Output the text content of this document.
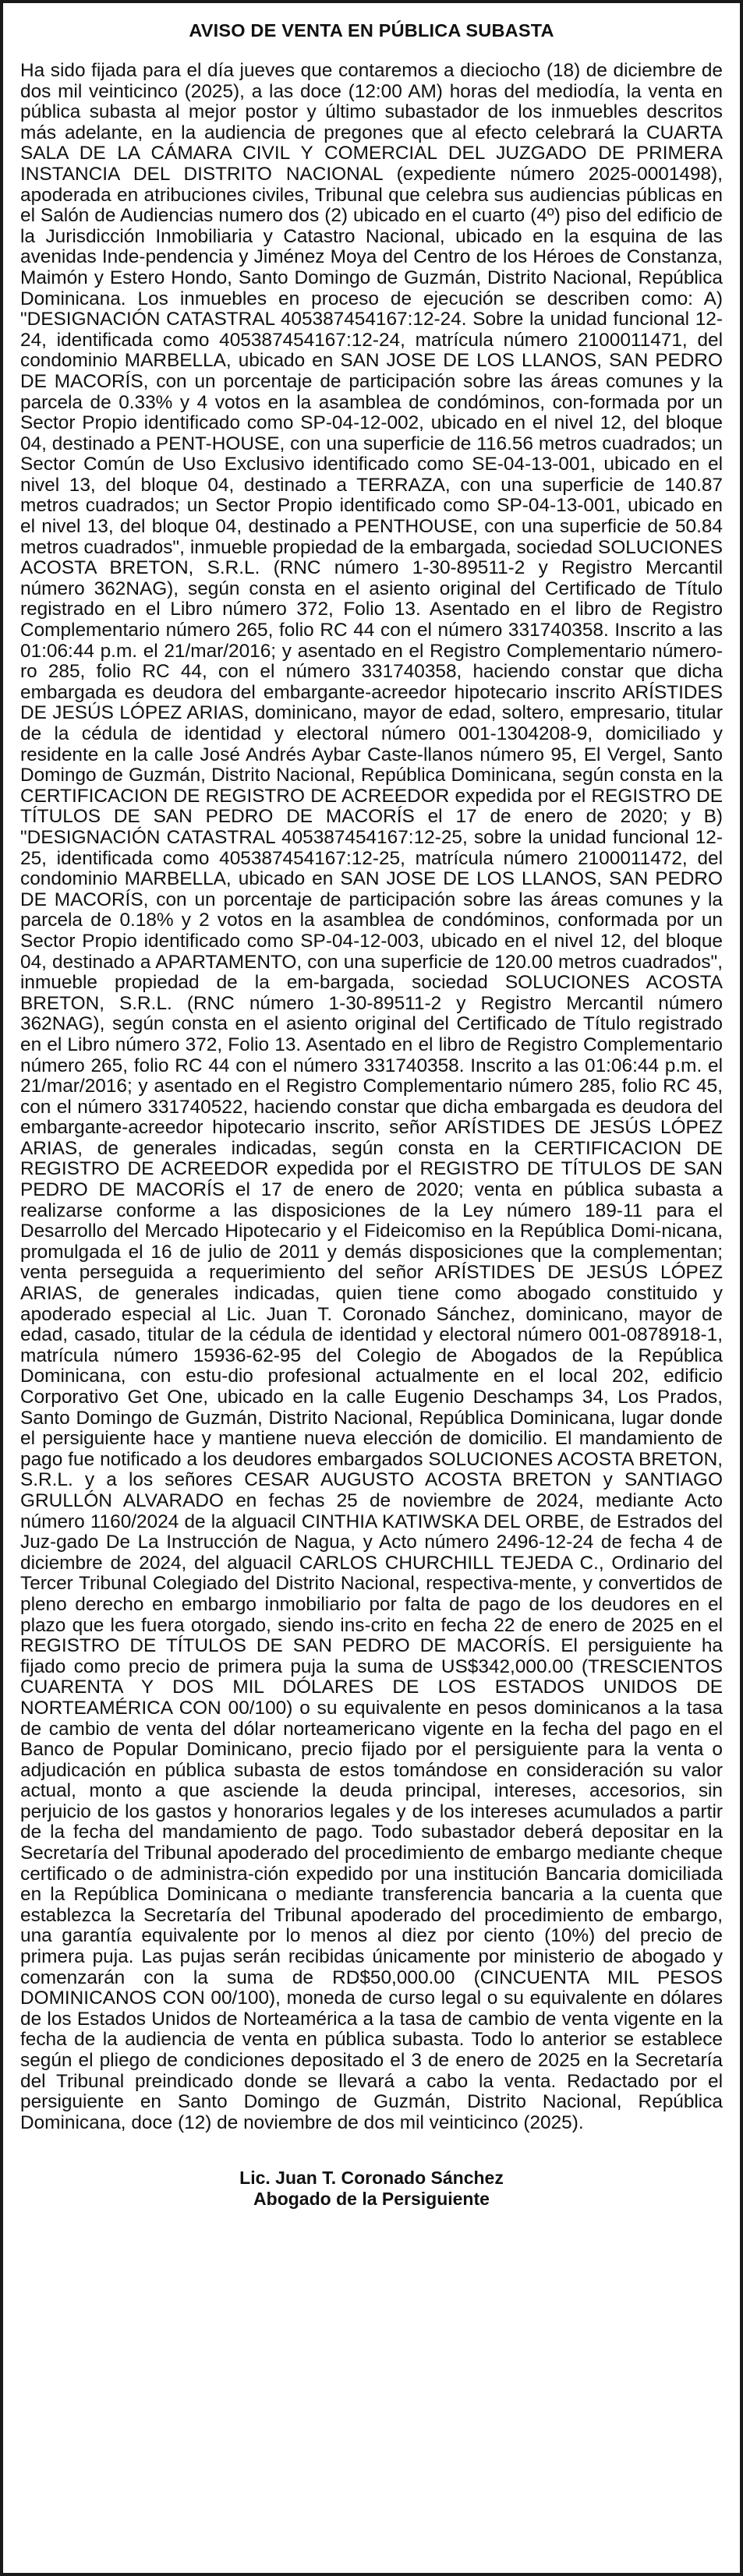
AVISO DE VENTA EN PÚBLICA SUBASTA

Ha sido fijada para el día jueves que contaremos a dieciocho (18) de diciembre de dos mil veinticinco (2025), a las doce (12:00 AM) horas del mediodía, la venta en pública subasta al mejor postor y último subastador de los inmuebles descritos más adelante, en la audiencia de pregones que al efecto celebrará la CUARTA SALA DE LA CÁMARA CIVIL Y COMERCIAL DEL JUZGADO DE PRIMERA INSTANCIA DEL DISTRITO NACIONAL (expediente número 2025-0001498), apoderada en atribuciones civiles, Tribunal que celebra sus audiencias públicas en el Salón de Audiencias numero dos (2) ubicado en el cuarto (4º) piso del edificio de la Jurisdicción Inmobiliaria y Catastro Nacional, ubicado en la esquina de las avenidas Inde-pendencia y Jiménez Moya del Centro de los Héroes de Constanza, Maimón y Estero Hondo, Santo Domingo de Guzmán, Distrito Nacional, República Dominicana. Los inmuebles en proceso de ejecución se describen como: A) "DESIGNACIÓN CATASTRAL 405387454167:12-24. Sobre la unidad funcional 12-24, identificada como 405387454167:12-24, matrícula número 2100011471, del condominio MARBELLA, ubicado en SAN JOSE DE LOS LLANOS, SAN PEDRO DE MACORÍS, con un porcentaje de participación sobre las áreas comunes y la parcela de 0.33% y 4 votos en la asamblea de condóminos, con-formada por un Sector Propio identificado como SP-04-12-002, ubicado en el nivel 12, del bloque 04, destinado a PENT-HOUSE, con una superficie de 116.56 metros cuadrados; un Sector Común de Uso Exclusivo identificado como SE-04-13-001, ubicado en el nivel 13, del bloque 04, destinado a TERRAZA, con una superficie de 140.87 metros cuadrados; un Sector Propio identificado como SP-04-13-001, ubicado en el nivel 13, del bloque 04, destinado a PENTHOUSE, con una superficie de 50.84 metros cuadrados", inmueble propiedad de la embargada, sociedad SOLUCIONES ACOSTA BRETON, S.R.L. (RNC número 1-30-89511-2 y Registro Mercantil número 362NAG), según consta en el asiento original del Certificado de Título registrado en el Libro número 372, Folio 13. Asentado en el libro de Registro Complementario número 265, folio RC 44 con el número 331740358. Inscrito a las 01:06:44 p.m. el 21/mar/2016; y asentado en el Registro Complementario número-ro 285, folio RC 44, con el número 331740358, haciendo constar que dicha embargada es deudora del embargante-acreedor hipotecario inscrito ARÍSTIDES DE JESÚS LÓPEZ ARIAS, dominicano, mayor de edad, soltero, empresario, titular de la cédula de identidad y electoral número 001-1304208-9, domiciliado y residente en la calle José Andrés Aybar Caste-llanos número 95, El Vergel, Santo Domingo de Guzmán, Distrito Nacional, República Dominicana, según consta en la CERTIFICACION DE REGISTRO DE ACREEDOR expedida por el REGISTRO DE TÍTULOS DE SAN PEDRO DE MACORÍS el 17 de enero de 2020; y B) "DESIGNACIÓN CATASTRAL 405387454167:12-25, sobre la unidad funcional 12-25, identificada como 405387454167:12-25, matrícula número 2100011472, del condominio MARBELLA, ubicado en SAN JOSE DE LOS LLANOS, SAN PEDRO DE MACORÍS, con un porcentaje de participación sobre las áreas comunes y la parcela de 0.18% y 2 votos en la asamblea de condóminos, conformada por un Sector Propio identificado como SP-04-12-003, ubicado en el nivel 12, del bloque 04, destinado a APARTAMENTO, con una superficie de 120.00 metros cuadrados", inmueble propiedad de la em-bargada, sociedad SOLUCIONES ACOSTA BRETON, S.R.L. (RNC número 1-30-89511-2 y Registro Mercantil número 362NAG), según consta en el asiento original del Certificado de Título registrado en el Libro número 372, Folio 13. Asentado en el libro de Registro Complementario número 265, folio RC 44 con el número 331740358. Inscrito a las 01:06:44 p.m. el 21/mar/2016; y asentado en el Registro Complementario número 285, folio RC 45, con el número 331740522, haciendo constar que dicha embargada es deudora del embargante-acreedor hipotecario inscrito, señor ARÍSTIDES DE JESÚS LÓPEZ ARIAS, de generales indicadas, según consta en la CERTIFICACION DE REGISTRO DE ACREEDOR expedida por el REGISTRO DE TÍTULOS DE SAN PEDRO DE MACORÍS el 17 de enero de 2020; venta en pública subasta a realizarse conforme a las disposiciones de la Ley número 189-11 para el Desarrollo del Mercado Hipotecario y el Fideicomiso en la República Domi-nicana, promulgada el 16 de julio de 2011 y demás disposiciones que la complementan; venta perseguida a requerimiento del señor ARÍSTIDES DE JESÚS LÓPEZ ARIAS, de generales indicadas, quien tiene como abogado constituido y apoderado especial al Lic. Juan T. Coronado Sánchez, dominicano, mayor de edad, casado, titular de la cédula de identidad y electoral número 001-0878918-1, matrícula número 15936-62-95 del Colegio de Abogados de la República Dominicana, con estu-dio profesional actualmente en el local 202, edificio Corporativo Get One, ubicado en la calle Eugenio Deschamps 34, Los Prados, Santo Domingo de Guzmán, Distrito Nacional, República Dominicana, lugar donde el persiguiente hace y mantiene nueva elección de domicilio. El mandamiento de pago fue notificado a los deudores embargados SOLUCIONES ACOSTA BRETON, S.R.L. y a los señores CESAR AUGUSTO ACOSTA BRETON y SANTIAGO GRULLÓN ALVARADO en fechas 25 de noviembre de 2024, mediante Acto número 1160/2024 de la alguacil CINTHIA KATIWSKA DEL ORBE, de Estrados del Juz-gado De La Instrucción de Nagua, y Acto número 2496-12-24 de fecha 4 de diciembre de 2024, del alguacil CARLOS CHURCHILL TEJEDA C., Ordinario del Tercer Tribunal Colegiado del Distrito Nacional, respectiva-mente, y convertidos de pleno derecho en embargo inmobiliario por falta de pago de los deudores en el plazo que les fuera otorgado, siendo ins-crito en fecha 22 de enero de 2025 en el REGISTRO DE TÍTULOS DE SAN PEDRO DE MACORÍS. El persiguiente ha fijado como precio de primera puja la suma de US$342,000.00 (TRESCIENTOS CUARENTA Y DOS MIL DÓLARES DE LOS ESTADOS UNIDOS DE NORTEAMÉRICA CON 00/100) o su equivalente en pesos dominicanos a la tasa de cambio de venta del dólar norteamericano vigente en la fecha del pago en el Banco de Popular Dominicano, precio fijado por el persiguiente para la venta o adjudicación en pública subasta de estos tomándose en consideración su valor actual, monto a que asciende la deuda principal, intereses, accesorios, sin perjuicio de los gastos y honorarios legales y de los intereses acumulados a partir de la fecha del mandamiento de pago. Todo subastador deberá depositar en la Secretaría del Tribunal apoderado del procedimiento de embargo mediante cheque certificado o de administra-ción expedido por una institución Bancaria domiciliada en la República Dominicana o mediante transferencia bancaria a la cuenta que establezca la Secretaría del Tribunal apoderado del procedimiento de embargo, una garantía equivalente por lo menos al diez por ciento (10%) del precio de primera puja. Las pujas serán recibidas únicamente por ministerio de abogado y comenzarán con la suma de RD$50,000.00 (CINCUENTA MIL PESOS DOMINICANOS CON 00/100), moneda de curso legal o su equivalente en dólares de los Estados Unidos de Norteamérica a la tasa de cambio de venta vigente en la fecha de la audiencia de venta en pública subasta. Todo lo anterior se establece según el pliego de condiciones depositado el 3 de enero de 2025 en la Secretaría del Tribunal preindicado donde se llevará a cabo la venta. Redactado por el persiguiente en Santo Domingo de Guzmán, Distrito Nacional, República Dominicana, doce (12) de noviembre de dos mil veinticinco (2025).

Lic. Juan T. Coronado Sánchez
Abogado de la Persiguiente
